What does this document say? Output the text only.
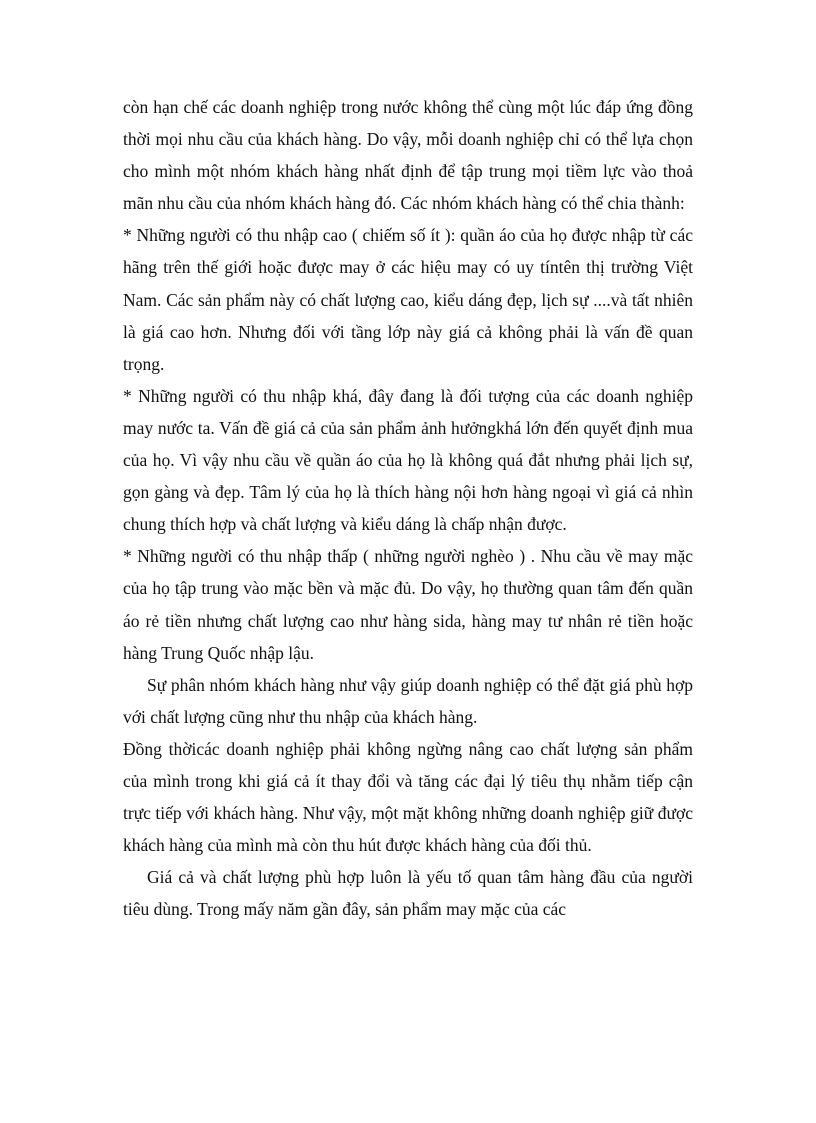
còn hạn chế các doanh nghiệp trong nước không thể cùng một lúc đáp ứng đồng thời mọi nhu cầu của khách hàng. Do vậy, mỗi doanh nghiệp chỉ có thể lựa chọn cho mình một nhóm khách hàng nhất định để tập trung mọi tiềm lực vào thoả mãn nhu cầu của nhóm khách hàng đó. Các nhóm khách hàng có thể chia thành:

* Những người có thu nhập cao ( chiếm số ít ): quần áo của họ được nhập từ các hãng trên thế giới hoặc được may ở các hiệu may có uy tíntên thị trường Việt Nam. Các sản phẩm này có chất lượng cao, kiểu dáng đẹp, lịch sự ....và tất nhiên là giá cao hơn. Nhưng đối với tầng lớp này giá cả không phải là vấn đề quan trọng.

* Những người có thu nhập khá, đây đang là đối tượng của các doanh nghiệp may nước ta. Vấn đề giá cả của sản phẩm ảnh hưởngkhá lớn đến quyết định mua của họ. Vì vậy nhu cầu về quần áo của họ là không quá đắt nhưng phải lịch sự, gọn gàng và đẹp. Tâm lý của họ là thích hàng nội hơn hàng ngoại vì giá cả nhìn chung thích hợp và chất lượng và kiểu dáng là chấp nhận được.

* Những người có thu nhập thấp ( những người nghèo ) . Nhu cầu về may mặc của họ tập trung vào mặc bền và mặc đủ. Do vậy, họ thường quan tâm đến quần áo rẻ tiền nhưng chất lượng cao như hàng sida, hàng may tư nhân rẻ tiền hoặc hàng Trung Quốc nhập lậu.

Sự phân nhóm khách hàng như vậy giúp doanh nghiệp có thể đặt giá phù hợp với chất lượng cũng như thu nhập của khách hàng.

Đồng thờicác doanh nghiệp phải không ngừng nâng cao chất lượng sản phẩm của mình trong khi giá cả ít thay đổi và tăng các đại lý tiêu thụ nhằm tiếp cận trực tiếp với khách hàng. Như vậy, một mặt không những doanh nghiệp giữ được khách hàng của mình mà còn thu hút được khách hàng của đối thủ.

Giá cả và chất lượng phù hợp luôn là yếu tố quan tâm hàng đầu của người tiêu dùng. Trong mấy năm gần đây, sản phẩm may mặc của các
